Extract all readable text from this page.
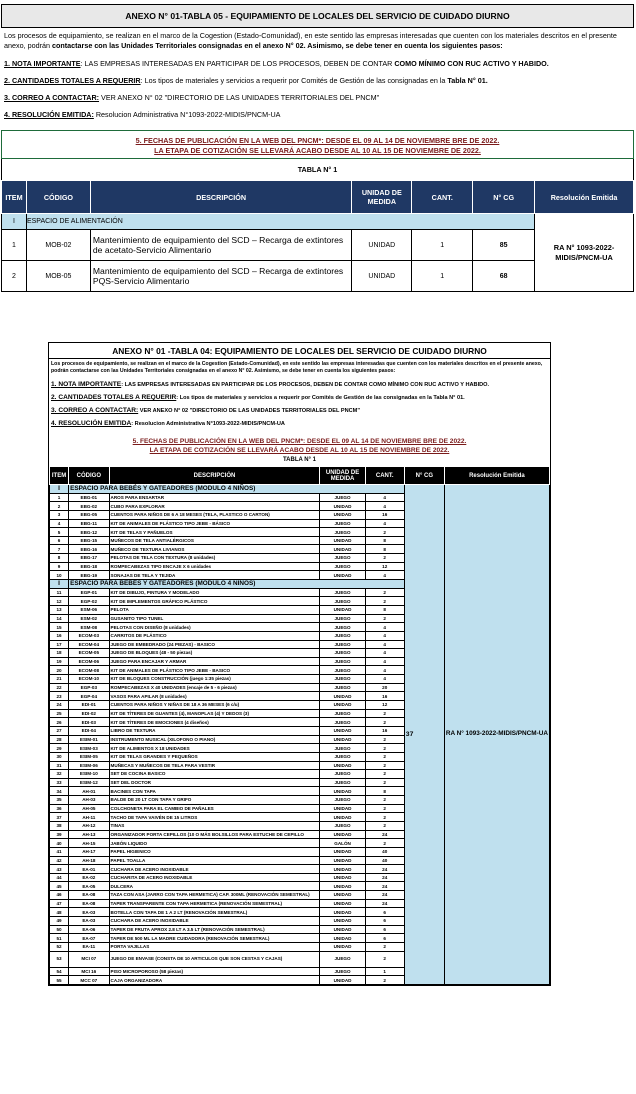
ANEXO N° 01-TABLA 05 - EQUIPAMIENTO DE LOCALES DEL SERVICIO DE CUIDADO DIURNO
Los procesos de equipamiento, se realizan en el marco de la Cogestion (Estado-Comunidad), en este sentido las empresas interesadas que cuenten con los materiales descritos en el presente anexo, podrán contactarse con las Unidades Territoriales consignadas en el anexo N° 02. Asimismo, se debe tener en cuenta los siguientes pasos:
1. NOTA IMPORTANTE: LAS EMPRESAS INTERESADAS EN PARTICIPAR DE LOS PROCESOS, DEBEN DE CONTAR COMO MÍNIMO CON RUC ACTIVO Y HABIDO.
2. CANTIDADES TOTALES A REQUERIR: Los tipos de materiales y servicios a requerir por Comités de Gestión de las consignadas en la Tabla N° 01.
3. CORREO A CONTACTAR: VER ANEXO N° 02 "DIRECTORIO DE LAS UNIDADES TERRITORIALES DEL PNCM"
4. RESOLUCIÓN EMITIDA: Resolucion Administrativa N°1093-2022-MIDIS/PNCM-UA
5. FECHAS DE PUBLICACIÓN EN LA WEB DEL PNCM*: DESDE EL 09 AL 14 DE NOVIEMBRE BRE DE 2022.
LA ETAPA DE COTIZACIÓN SE LLEVARÁ ACABO DESDE AL 10 AL 15 DE NOVIEMBRE DE 2022.
TABLA N° 1
ITEM	CÓDIGO	DESCRIPCIÓN	UNIDAD DE MEDIDA	CANT.	N° CG	Resolución Emitida
I	ESPACIO DE ALIMENTACIÓN					RA N° 1093-2022-MIDIS/PNCM-UA
1	MOB-02	Mantenimiento de equipamiento del SCD – Recarga de extintores de acetato-Servicio Alimentario	UNIDAD	1	85	
2	MOB-05	Mantenimiento de equipamiento del SCD – Recarga de extintores PQS-Servicio Alimentario	UNIDAD	1	68	
ANEXO N° 01 -TABLA 04: EQUIPAMIENTO DE LOCALES DEL SERVICIO DE CUIDADO DIURNO
Los procesos de equipamiento, se realizan en el marco de la Cogestion (Estado-Comunidad), en este sentido las empresas interesadas que cuenten con los materiales descritos en el presente anexo, podrán contactarse con las Unidades Territoriales consignadas en el anexo N° 02. Asimismo, se debe tener en cuenta los siguientes pasos:
1. NOTA IMPORTANTE: LAS EMPRESAS INTERESADAS EN PARTICIPAR DE LOS PROCESOS, DEBEN DE CONTAR COMO MÍNIMO CON RUC ACTIVO Y HABIDO.
2. CANTIDADES TOTALES A REQUERIR: Los tipos de materiales y servicios a requerir por Comités de Gestión de las consignadas en la Tabla N° 01.
3. CORREO A CONTACTAR: VER ANEXO N° 02 "DIRECTORIO DE LAS UNIDADES TERRITORIALES DEL PNCM"
4. RESOLUCIÓN EMITIDA: Resolucion Administrativa N°1093-2022-MIDIS/PNCM-UA
5. FECHAS DE PUBLICACIÓN EN LA WEB DEL PNCM*: DESDE EL 09 AL 14 DE NOVIEMBRE BRE DE 2022.
LA ETAPA DE COTIZACIÓN SE LLEVARÁ ACABO DESDE AL 10 AL 15 DE NOVIEMBRE DE 2022.
TABLA N° 1
ITEM	CÓDIGO	DESCRIPCIÓN	UNIDAD DE MEDIDA	CANT.	N° CG	Resolución Emitida
I	ESPACIO PARA BEBÉS Y GATEADORES (MODULO 4 NIÑOS)				37	RA N° 1093-2022-MIDIS/PNCM-UA
1	EBG-01	AROS PARA ENSARTAR	JUEGO	4		
2	EBG-02	CUBO PARA EXPLORAR	UNIDAD	4		
3	EBG-05	CUENTOS PARA NIÑOS DE 6 A 18 MESES (TELA, PLASTICO O CARTON)	UNIDAD	16		
4	EBG-11	KIT DE ANIMALES DE PLÁSTICO TIPO JEBE - BÁSICO	JUEGO	4		
5	EBG-12	KIT DE TELAS Y PAÑUELOS	JUEGO	2		
6	EBG-15	MUÑECOS DE TELA ANTIALÉRGICOS	UNIDAD	8		
7	EBG-16	MUÑECO DE TEXTURA LIVIANOS	UNIDAD	8		
8	EBG-17	PELOTAS DE TELA CON TEXTURA (8 unidades)	JUEGO	2		
9	EBG-18	ROMPECABEZAS TIPO ENCAJE X 6 unidades	JUEGO	12		
10	EBG-19	SONAJAS DE TELA Y TEJIDA	UNIDAD	4		
I	ESPACIO PARA BEBÉS Y GATEADORES (MODULO 4 NIÑOS)					
11	EGP-01	KIT DE DIBUJO, PINTURA Y MODELADO	JUEGO	2		
12	EGP-02	KIT DE IMPLEMENTOS GRÁFICO PLÁSTICO	JUEGO	2		
13	ESM-06	PELOTA	UNIDAD	8		
14	ESM-02	GUSANITO TIPO TUNEL	JUEGO	2		
15	ESM-08	PELOTAS CON DISEÑO (8 unidades)	JUEGO	4		
16	ECOM-03	CARRITOS DE PLÁSTICO	JUEGO	4		
17	ECOM-04	JUEGO DE EMBEDRADO (24 PIEZAS) - BASICO	JUEGO	4		
18	ECOM-05	JUEGO DE BLOQUES (48 - 50 piezas)	JUEGO	4		
19	ECOM-06	JUEGO PARA ENCAJAR Y ARMAR	JUEGO	4		
20	ECOM-08	KIT DE ANIMALES DE PLÁSTICO TIPO JEBE - BASICO	JUEGO	4		
21	ECOM-10	KIT DE BLOQUES CONSTRUCCIÓN (juego 1:35 piezas)	JUEGO	4		
22	EGP-03	ROMPECABEZAS X 40 UNIDADES (encaje de 5 - 6 piezas)	JUEGO	20		
23	EGP-04	VASOS PARA APILAR (8 unidades)	UNIDAD	16		
24	EDI-01	CUENTOS PARA NIÑOS Y NIÑAS DE 18 A 36 MESES (6 c/u)	UNIDAD	12		
25	EDI-02	KIT DE TÍTERES DE GUANTES (4), MANOPLAS (4) Y DEDOS (3)	JUEGO	2		
26	EDI-03	KIT DE TÍTERES DE EMOCIONES (4 diseños)	JUEGO	2		
27	EDI-04	LIBRO DE TEXTURA	UNIDAD	16		
28	ESIM-01	INSTRUMENTO MUSICAL (XILOFONO O PIANO)	UNIDAD	2		
29	ESIM-03	KIT DE ALIMENTOS X 18 UNIDADES	JUEGO	2		
30	ESIM-05	KIT DE TELAS GRANDES Y PEQUEÑOS	JUEGO	2		
31	ESIM-06	MUÑECAS Y MUÑECOS DE TELA PARA VESTIR	UNIDAD	2		
32	ESIM-10	SET DE COCINA BASICO	JUEGO	2		
33	ESIM-12	SET DEL DOCTOR	JUEGO	2		
34	AH-01	BACINES CON TAPA	UNIDAD	8		
35	AH-03	BALDE DE 20 LT CON TAPA Y GRIFO	JUEGO	2		
36	AH-05	COLCHONETA PARA EL CAMBIO DE PAÑALES	UNIDAD	2		
37	AH-11	TACHO DE TAPA VAIVÉN DE 15 LITROS	UNIDAD	2		
38	AH-12	TINAS	JUEGO	2		
39	AH-13	ORGANIZADOR PORTA CEPILLOS (10 O MÁS BOLSILLOS PARA ESTUCHE DE CEPILLO	UNIDAD	24		
40	AH-15	JABÓN LIQUIDO	GALÓN	2		
41	AH-17	PAPEL HIGIENICO	UNIDAD	40		
42	AH-18	PAPEL TOALLA	UNIDAD	40		
43	EA-01	CUCHARA DE ACERO INOXIDABLE	UNIDAD	24		
44	EA-02	CUCHARITA DE ACERO INOXIDABLE	UNIDAD	24		
45	EA-05	DULCERA	UNIDAD	24		
46	EA-08	TAZA CON ASA (JARRO CON TAPA HERMETICA) CAP. 300ML (RENOVACIÓN SEMESTRAL)	UNIDAD	24		
47	EA-08	TAPER TRANSPARENTE CON TAPA HERMETICA (RENOVACIÓN SEMESTRAL)	UNIDAD	24		
48	EA-03	BOTELLA CON TAPA DE 1 A 2 LT (RENOVACIÓN SEMESTRAL)	UNIDAD	6		
49	EA-03	CUCHARA DE ACERO INOXIDABLE	UNIDAD	6		
50	EA-06	TAPER DE FRUTA APROX 2.8 LT A 3.5 LT (RENOVACIÓN SEMESTRAL)	UNIDAD	6		
51	EA-07	TAPER DE 500 ML LA MADRE CUIDADORA (RENOVACIÓN SEMESTRAL)	UNIDAD	6		
52	EA-11	PORTA VAJILLAS	UNIDAD	2		
53	MCI 07	JUEGO DE ENVASE (CONSTA DE 10 ARTICULOS QUE SON CESTAS Y CAJAS)	JUEGO	2		
54	MCI 16	PISO MICROPOROSO (58 piezas)	JUEGO	1		
55	MCC 07	CAJA ORGANIZADORA	UNIDAD	2		
